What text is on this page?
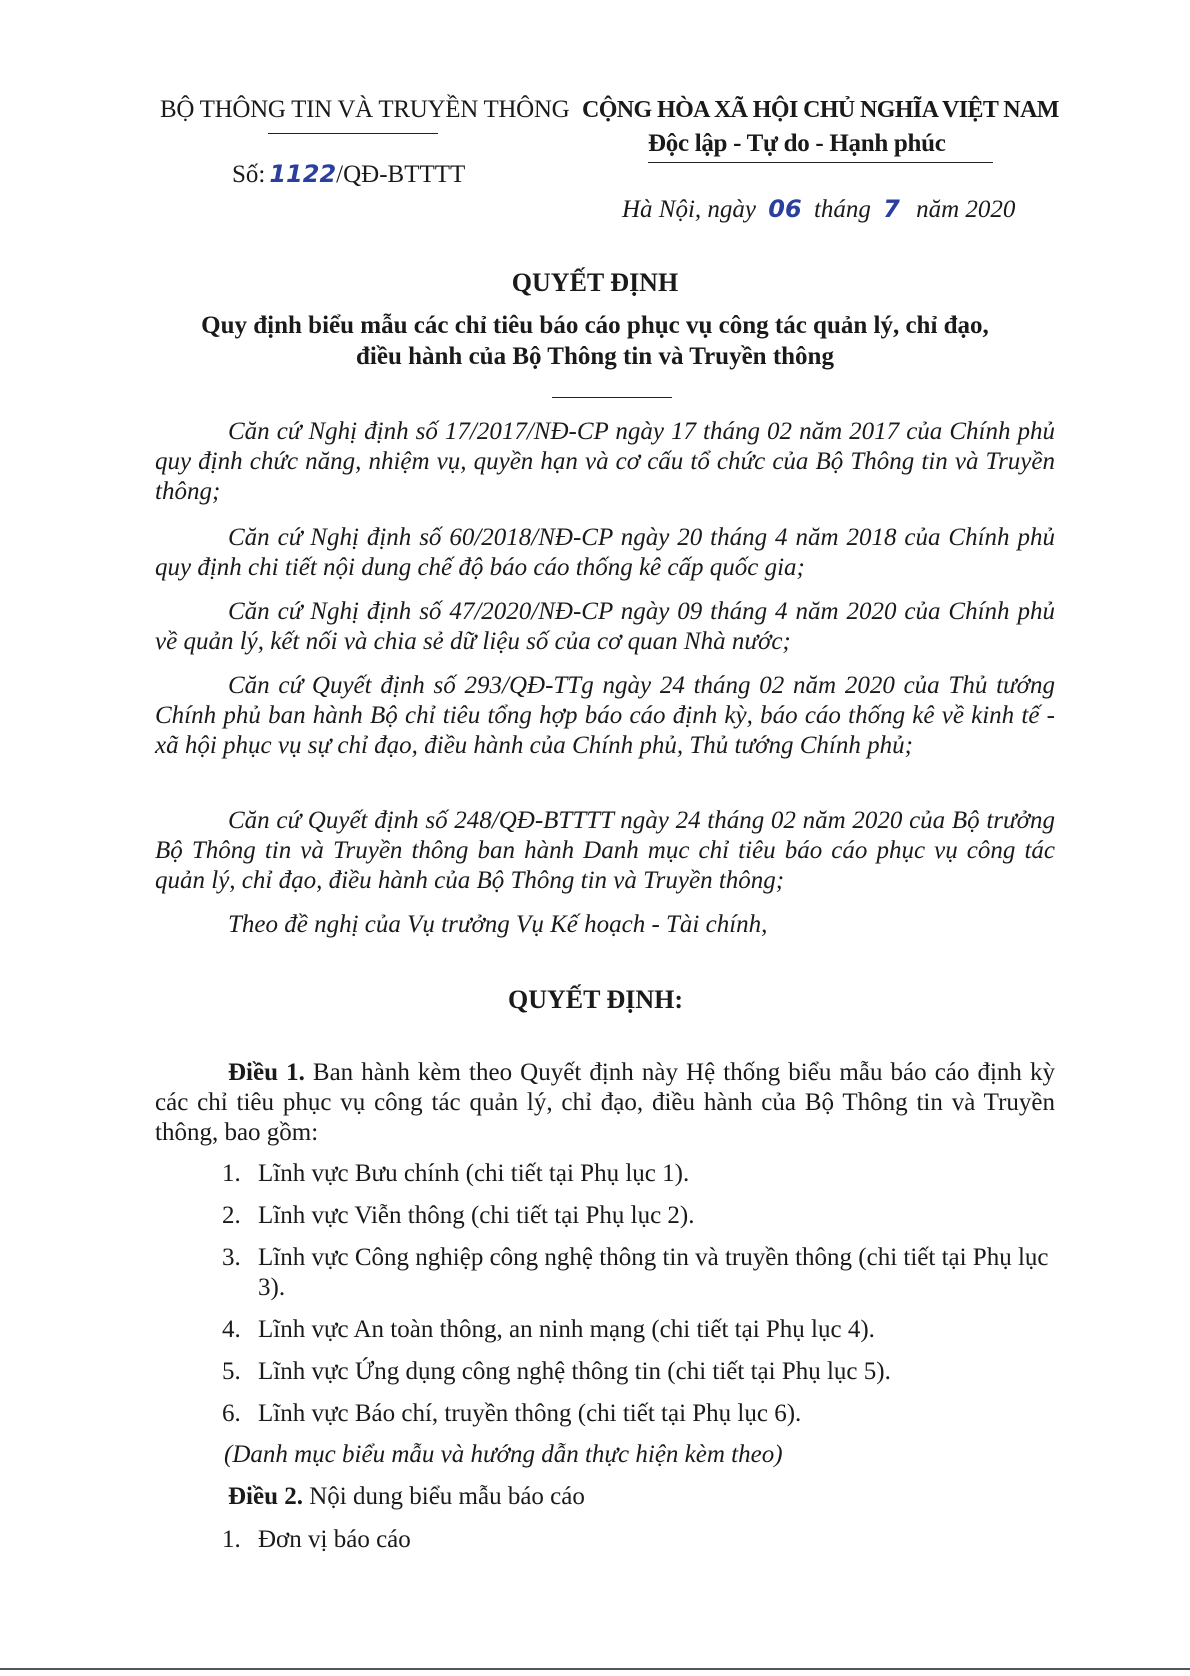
BỘ THÔNG TIN VÀ TRUYỀN THÔNG
Số: 1122/QĐ-BTTTT
CỘNG HÒA XÃ HỘI CHỦ NGHĨA VIỆT NAM
Độc lập - Tự do - Hạnh phúc
Hà Nội, ngày 06 tháng 7 năm 2020
QUYẾT ĐỊNH
Quy định biểu mẫu các chỉ tiêu báo cáo phục vụ công tác quản lý, chỉ đạo,
điều hành của Bộ Thông tin và Truyền thông
Căn cứ Nghị định số 17/2017/NĐ-CP ngày 17 tháng 02 năm 2017 của Chính phủ quy định chức năng, nhiệm vụ, quyền hạn và cơ cấu tổ chức của Bộ Thông tin và Truyền thông;
Căn cứ Nghị định số 60/2018/NĐ-CP ngày 20 tháng 4 năm 2018 của Chính phủ quy định chi tiết nội dung chế độ báo cáo thống kê cấp quốc gia;
Căn cứ Nghị định số 47/2020/NĐ-CP ngày 09 tháng 4 năm 2020 của Chính phủ về quản lý, kết nối và chia sẻ dữ liệu số của cơ quan Nhà nước;
Căn cứ Quyết định số 293/QĐ-TTg ngày 24 tháng 02 năm 2020 của Thủ tướng Chính phủ ban hành Bộ chỉ tiêu tổng hợp báo cáo định kỳ, báo cáo thống kê về kinh tế - xã hội phục vụ sự chỉ đạo, điều hành của Chính phủ, Thủ tướng Chính phủ;
Căn cứ Quyết định số 248/QĐ-BTTTT ngày 24 tháng 02 năm 2020 của Bộ trưởng Bộ Thông tin và Truyền thông ban hành Danh mục chỉ tiêu báo cáo phục vụ công tác quản lý, chỉ đạo, điều hành của Bộ Thông tin và Truyền thông;
Theo đề nghị của Vụ trưởng Vụ Kế hoạch - Tài chính,
QUYẾT ĐỊNH:
Điều 1. Ban hành kèm theo Quyết định này Hệ thống biểu mẫu báo cáo định kỳ các chỉ tiêu phục vụ công tác quản lý, chỉ đạo, điều hành của Bộ Thông tin và Truyền thông, bao gồm:
1. Lĩnh vực Bưu chính (chi tiết tại Phụ lục 1).
2. Lĩnh vực Viễn thông (chi tiết tại Phụ lục 2).
3. Lĩnh vực Công nghiệp công nghệ thông tin và truyền thông (chi tiết tại Phụ lục 3).
4. Lĩnh vực An toàn thông, an ninh mạng (chi tiết tại Phụ lục 4).
5. Lĩnh vực Ứng dụng công nghệ thông tin (chi tiết tại Phụ lục 5).
6. Lĩnh vực Báo chí, truyền thông (chi tiết tại Phụ lục 6).
(Danh mục biểu mẫu và hướng dẫn thực hiện kèm theo)
Điều 2. Nội dung biểu mẫu báo cáo
1. Đơn vị báo cáo
